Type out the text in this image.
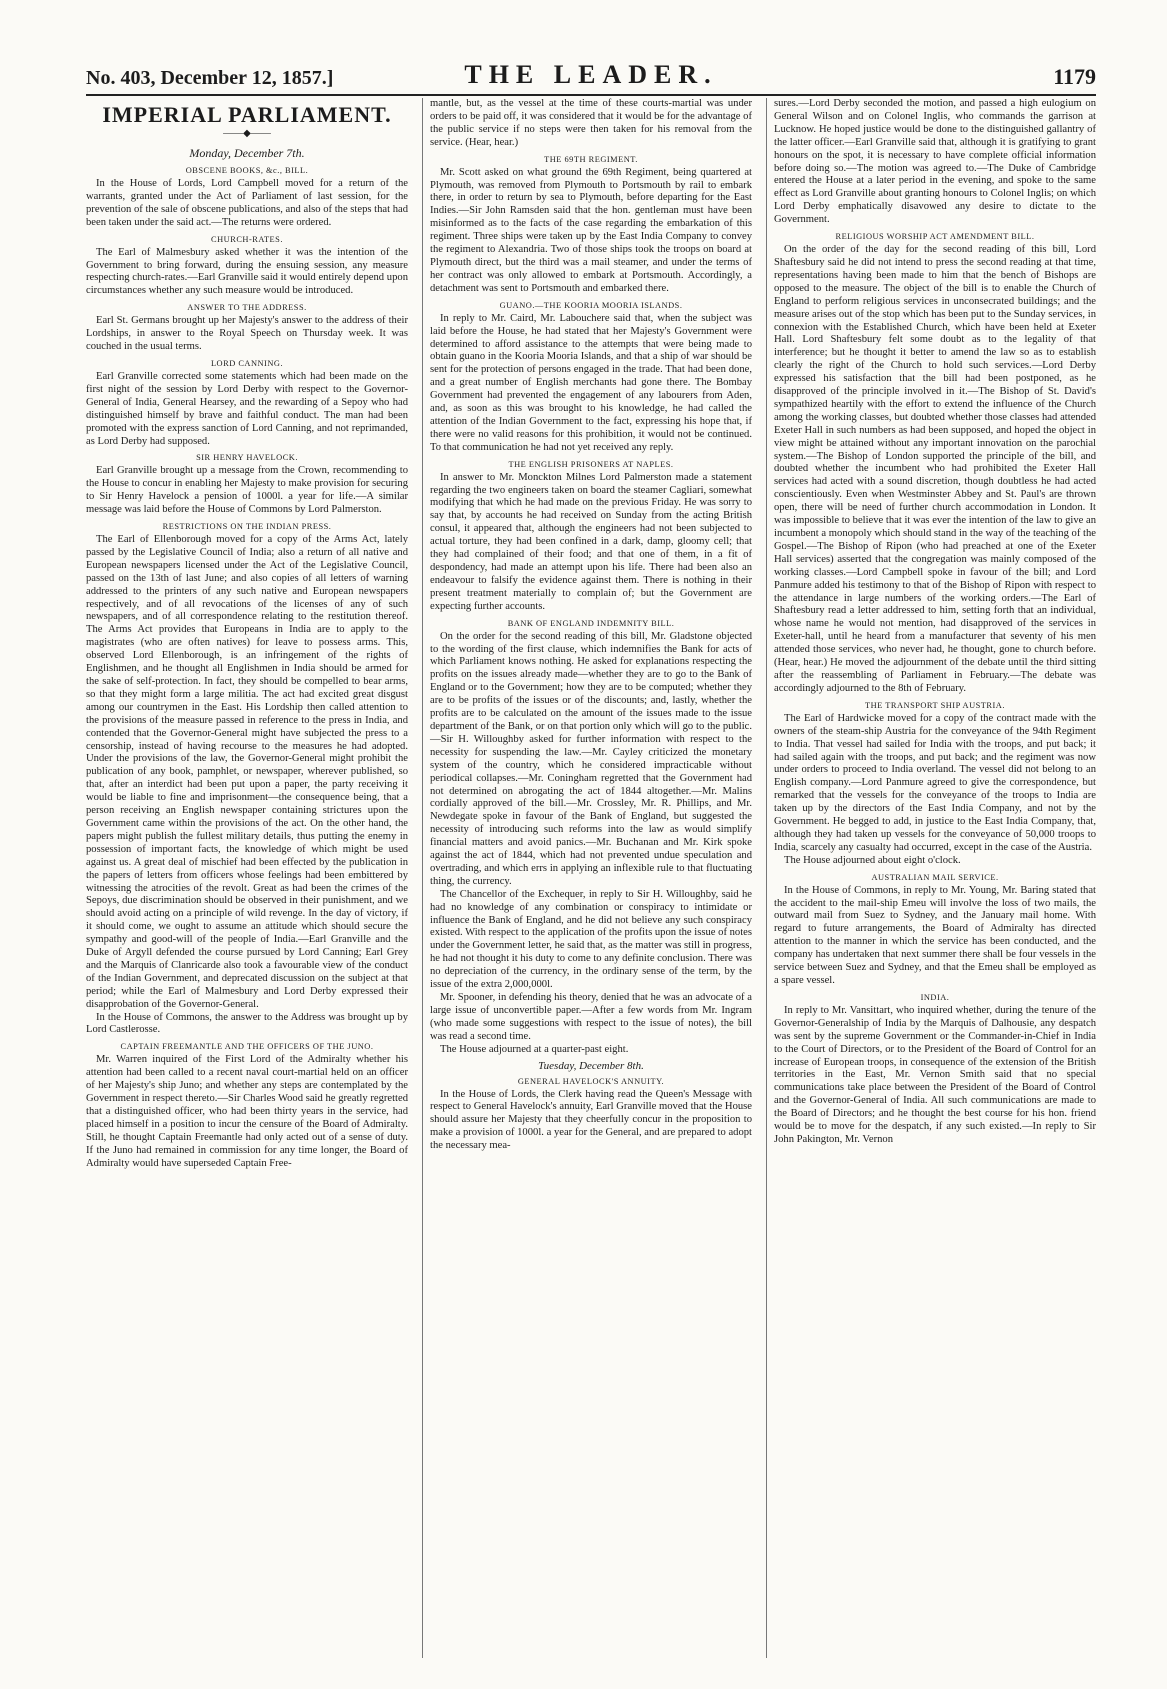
No. 403, December 12, 1857.]	THE LEADER.	1179
IMPERIAL PARLIAMENT.

——◆——

Monday, December 7th.

OBSCENE BOOKS, &c., BILL.

In the House of Lords, Lord Campbell moved for a return of the warrants, granted under the Act of Parliament of last session, for the prevention of the sale of obscene publications, and also of the steps that had been taken under the said act.—The returns were ordered.

CHURCH-RATES.

The Earl of Malmesbury asked whether it was the intention of the Government to bring forward, during the ensuing session, any measure respecting church-rates.—Earl Granville said it would entirely depend upon circumstances whether any such measure would be introduced.

ANSWER TO THE ADDRESS.

Earl St. Germans brought up her Majesty's answer to the address of their Lordships, in answer to the Royal Speech on Thursday week. It was couched in the usual terms.

LORD CANNING.

Earl Granville corrected some statements which had been made on the first night of the session by Lord Derby with respect to the Governor-General of India, General Hearsey, and the rewarding of a Sepoy who had distinguished himself by brave and faithful conduct. The man had been promoted with the express sanction of Lord Canning, and not reprimanded, as Lord Derby had supposed.

SIR HENRY HAVELOCK.

Earl Granville brought up a message from the Crown, recommending to the House to concur in enabling her Majesty to make provision for securing to Sir Henry Havelock a pension of 1000l. a year for life.—A similar message was laid before the House of Commons by Lord Palmerston.

RESTRICTIONS ON THE INDIAN PRESS.

The Earl of Ellenborough moved for a copy of the Arms Act, lately passed by the Legislative Council of India; also a return of all native and European newspapers licensed under the Act of the Legislative Council, passed on the 13th of last June; and also copies of all letters of warning addressed to the printers of any such native and European newspapers respectively, and of all revocations of the licenses of any of such newspapers, and of all correspondence relating to the restitution thereof. The Arms Act provides that Europeans in India are to apply to the magistrates (who are often natives) for leave to possess arms. This, observed Lord Ellenborough, is an infringement of the rights of Englishmen, and he thought all Englishmen in India should be armed for the sake of self-protection. In fact, they should be compelled to bear arms, so that they might form a large militia. The act had excited great disgust among our countrymen in the East. His Lordship then called attention to the provisions of the measure passed in reference to the press in India, and contended that the Governor-General might have subjected the press to a censorship, instead of having recourse to the measures he had adopted. Under the provisions of the law, the Governor-General might prohibit the publication of any book, pamphlet, or newspaper, wherever published, so that, after an interdict had been put upon a paper, the party receiving it would be liable to fine and imprisonment—the consequence being, that a person receiving an English newspaper containing strictures upon the Government came within the provisions of the act. On the other hand, the papers might publish the fullest military details, thus putting the enemy in possession of important facts, the knowledge of which might be used against us. A great deal of mischief had been effected by the publication in the papers of letters from officers whose feelings had been embittered by witnessing the atrocities of the revolt. Great as had been the crimes of the Sepoys, due discrimination should be observed in their punishment, and we should avoid acting on a principle of wild revenge. In the day of victory, if it should come, we ought to assume an attitude which should secure the sympathy and good-will of the people of India.—Earl Granville and the Duke of Argyll defended the course pursued by Lord Canning; Earl Grey and the Marquis of Clanricarde also took a favourable view of the conduct of the Indian Government, and deprecated discussion on the subject at that period; while the Earl of Malmesbury and Lord Derby expressed their disapprobation of the Governor-General.

In the House of Commons, the answer to the Address was brought up by Lord Castlerosse.

CAPTAIN FREEMANTLE AND THE OFFICERS OF THE JUNO.

Mr. Warren inquired of the First Lord of the Admiralty whether his attention had been called to a recent naval court-martial held on an officer of her Majesty's ship Juno; and whether any steps are contemplated by the Government in respect thereto.—Sir Charles Wood said he greatly regretted that a distinguished officer, who had been thirty years in the service, had placed himself in a position to incur the censure of the Board of Admiralty. Still, he thought Captain Freemantle had only acted out of a sense of duty. If the Juno had remained in commission for any time longer, the Board of Admiralty would have superseded Captain Free-

mantle, but, as the vessel at the time of these courts-martial was under orders to be paid off, it was considered that it would be for the advantage of the public service if no steps were then taken for his removal from the service. (Hear, hear.)

THE 69TH REGIMENT.

Mr. Scott asked on what ground the 69th Regiment, being quartered at Plymouth, was removed from Plymouth to Portsmouth by rail to embark there, in order to return by sea to Plymouth, before departing for the East Indies.—Sir John Ramsden said that the hon. gentleman must have been misinformed as to the facts of the case regarding the embarkation of this regiment. Three ships were taken up by the East India Company to convey the regiment to Alexandria. Two of those ships took the troops on board at Plymouth direct, but the third was a mail steamer, and under the terms of her contract was only allowed to embark at Portsmouth. Accordingly, a detachment was sent to Portsmouth and embarked there.

GUANO.—THE KOORIA MOORIA ISLANDS.

In reply to Mr. Caird, Mr. Labouchere said that, when the subject was laid before the House, he had stated that her Majesty's Government were determined to afford assistance to the attempts that were being made to obtain guano in the Kooria Mooria Islands, and that a ship of war should be sent for the protection of persons engaged in the trade. That had been done, and a great number of English merchants had gone there. The Bombay Government had prevented the engagement of any labourers from Aden, and, as soon as this was brought to his knowledge, he had called the attention of the Indian Government to the fact, expressing his hope that, if there were no valid reasons for this prohibition, it would not be continued. To that communication he had not yet received any reply.

THE ENGLISH PRISONERS AT NAPLES.

In answer to Mr. Monckton Milnes Lord Palmerston made a statement regarding the two engineers taken on board the steamer Cagliari, somewhat modifying that which he had made on the previous Friday. He was sorry to say that, by accounts he had received on Sunday from the acting British consul, it appeared that, although the engineers had not been subjected to actual torture, they had been confined in a dark, damp, gloomy cell; that they had complained of their food; and that one of them, in a fit of despondency, had made an attempt upon his life. There had been also an endeavour to falsify the evidence against them. There is nothing in their present treatment materially to complain of; but the Government are expecting further accounts.

BANK OF ENGLAND INDEMNITY BILL.

On the order for the second reading of this bill, Mr. Gladstone objected to the wording of the first clause, which indemnifies the Bank for acts of which Parliament knows nothing. He asked for explanations respecting the profits on the issues already made—whether they are to go to the Bank of England or to the Government; how they are to be computed; whether they are to be profits of the issues or of the discounts; and, lastly, whether the profits are to be calculated on the amount of the issues made to the issue department of the Bank, or on that portion only which will go to the public.—Sir H. Willoughby asked for further information with respect to the necessity for suspending the law.—Mr. Cayley criticized the monetary system of the country, which he considered impracticable without periodical collapses.—Mr. Coningham regretted that the Government had not determined on abrogating the act of 1844 altogether.—Mr. Malins cordially approved of the bill.—Mr. Crossley, Mr. R. Phillips, and Mr. Newdegate spoke in favour of the Bank of England, but suggested the necessity of introducing such reforms into the law as would simplify financial matters and avoid panics.—Mr. Buchanan and Mr. Kirk spoke against the act of 1844, which had not prevented undue speculation and overtrading, and which errs in applying an inflexible rule to that fluctuating thing, the currency.

The Chancellor of the Exchequer, in reply to Sir H. Willoughby, said he had no knowledge of any combination or conspiracy to intimidate or influence the Bank of England, and he did not believe any such conspiracy existed. With respect to the application of the profits upon the issue of notes under the Government letter, he said that, as the matter was still in progress, he had not thought it his duty to come to any definite conclusion. There was no depreciation of the currency, in the ordinary sense of the term, by the issue of the extra 2,000,000l.

Mr. Spooner, in defending his theory, denied that he was an advocate of a large issue of unconvertible paper.—After a few words from Mr. Ingram (who made some suggestions with respect to the issue of notes), the bill was read a second time.

The House adjourned at a quarter-past eight.

Tuesday, December 8th.
GENERAL HAVELOCK'S ANNUITY.

In the House of Lords, the Clerk having read the Queen's Message with respect to General Havelock's annuity, Earl Granville moved that the House should assure her Majesty that they cheerfully concur in the proposition to make a provision of 1000l. a year for the General, and are prepared to adopt the necessary mea-

sures.—Lord Derby seconded the motion, and passed a high eulogium on General Wilson and on Colonel Inglis, who commands the garrison at Lucknow. He hoped justice would be done to the distinguished gallantry of the latter officer.—Earl Granville said that, although it is gratifying to grant honours on the spot, it is necessary to have complete official information before doing so.—The motion was agreed to.—The Duke of Cambridge entered the House at a later period in the evening, and spoke to the same effect as Lord Granville about granting honours to Colonel Inglis; on which Lord Derby emphatically disavowed any desire to dictate to the Government.

RELIGIOUS WORSHIP ACT AMENDMENT BILL.

On the order of the day for the second reading of this bill, Lord Shaftesbury said he did not intend to press the second reading at that time, representations having been made to him that the bench of Bishops are opposed to the measure. The object of the bill is to enable the Church of England to perform religious services in unconsecrated buildings; and the measure arises out of the stop which has been put to the Sunday services, in connexion with the Established Church, which have been held at Exeter Hall. Lord Shaftesbury felt some doubt as to the legality of that interference; but he thought it better to amend the law so as to establish clearly the right of the Church to hold such services.—Lord Derby expressed his satisfaction that the bill had been postponed, as he disapproved of the principle involved in it.—The Bishop of St. David's sympathized heartily with the effort to extend the influence of the Church among the working classes, but doubted whether those classes had attended Exeter Hall in such numbers as had been supposed, and hoped the object in view might be attained without any important innovation on the parochial system.—The Bishop of London supported the principle of the bill, and doubted whether the incumbent who had prohibited the Exeter Hall services had acted with a sound discretion, though doubtless he had acted conscientiously. Even when Westminster Abbey and St. Paul's are thrown open, there will be need of further church accommodation in London. It was impossible to believe that it was ever the intention of the law to give an incumbent a monopoly which should stand in the way of the teaching of the Gospel.—The Bishop of Ripon (who had preached at one of the Exeter Hall services) asserted that the congregation was mainly composed of the working classes.—Lord Campbell spoke in favour of the bill; and Lord Panmure added his testimony to that of the Bishop of Ripon with respect to the attendance in large numbers of the working orders.—The Earl of Shaftesbury read a letter addressed to him, setting forth that an individual, whose name he would not mention, had disapproved of the services in Exeter-hall, until he heard from a manufacturer that seventy of his men attended those services, who never had, he thought, gone to church before. (Hear, hear.) He moved the adjournment of the debate until the third sitting after the reassembling of Parliament in February.—The debate was accordingly adjourned to the 8th of February.

THE TRANSPORT SHIP AUSTRIA.

The Earl of Hardwicke moved for a copy of the contract made with the owners of the steam-ship Austria for the conveyance of the 94th Regiment to India. That vessel had sailed for India with the troops, and put back; it had sailed again with the troops, and put back; and the regiment was now under orders to proceed to India overland. The vessel did not belong to an English company.—Lord Panmure agreed to give the correspondence, but remarked that the vessels for the conveyance of the troops to India are taken up by the directors of the East India Company, and not by the Government. He begged to add, in justice to the East India Company, that, although they had taken up vessels for the conveyance of 50,000 troops to India, scarcely any casualty had occurred, except in the case of the Austria.

The House adjourned about eight o'clock.

AUSTRALIAN MAIL SERVICE.

In the House of Commons, in reply to Mr. Young, Mr. Baring stated that the accident to the mail-ship Emeu will involve the loss of two mails, the outward mail from Suez to Sydney, and the January mail home. With regard to future arrangements, the Board of Admiralty has directed attention to the manner in which the service has been conducted, and the company has undertaken that next summer there shall be four vessels in the service between Suez and Sydney, and that the Emeu shall be employed as a spare vessel.

INDIA.

In reply to Mr. Vansittart, who inquired whether, during the tenure of the Governor-Generalship of India by the Marquis of Dalhousie, any despatch was sent by the supreme Government or the Commander-in-Chief in India to the Court of Directors, or to the President of the Board of Control for an increase of European troops, in consequence of the extension of the British territories in the East, Mr. Vernon Smith said that no special communications take place between the President of the Board of Control and the Governor-General of India. All such communications are made to the Board of Directors; and he thought the best course for his hon. friend would be to move for the despatch, if any such existed.—In reply to Sir John Pakington, Mr. Vernon
